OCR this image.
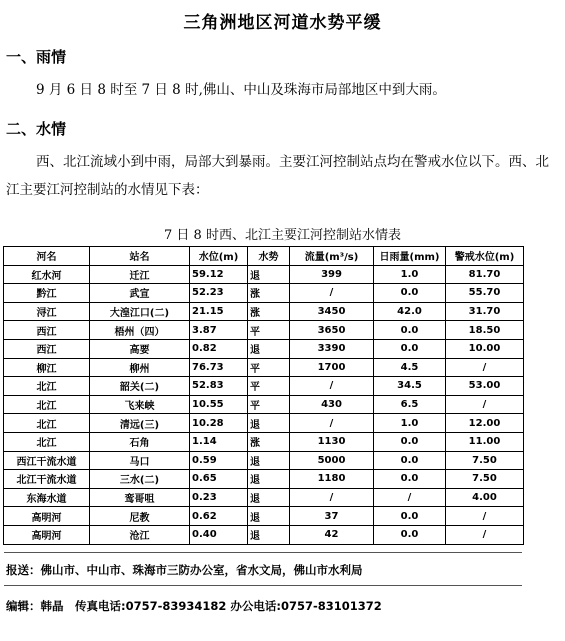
三角洲地区河道水势平缓
一、雨情
9 月 6 日 8 时至 7 日 8 时,佛山、中山及珠海市局部地区中到大雨。
二、水情
西、北江流域小到中雨，局部大到暴雨。主要江河控制站点均在警戒水位以下。西、北江主要江河控制站的水情见下表：
7 日 8 时西、北江主要江河控制站水情表
河名	站名	水位(m)	水势	流量(m³/s)	日雨量(mm)	警戒水位(m)
红水河	迁江	59.12	退	399	1.0	81.70
黔江	武宣	52.23	涨	/	0.0	55.70
浔江	大湟江口(二)	21.15	涨	3450	42.0	31.70
西江	梧州（四）	3.87	平	3650	0.0	18.50
西江	高要	0.82	退	3390	0.0	10.00
柳江	柳州	76.73	平	1700	4.5	/
北江	韶关(二)	52.83	平	/	34.5	53.00
北江	飞来峡	10.55	平	430	6.5	/
北江	清远(三)	10.28	退	/	1.0	12.00
北江	石角	1.14	涨	1130	0.0	11.00
西江干流水道	马口	0.59	退	5000	0.0	7.50
北江干流水道	三水(二)	0.65	退	1180	0.0	7.50
东海水道	鸾哥咀	0.23	退	/	/	4.00
高明河	尼教	0.62	退	37	0.0	/
高明河	沧江	0.40	退	42	0.0	/
报送：佛山市、中山市、珠海市三防办公室，省水文局，佛山市水利局
编辑：韩晶　传真电话:0757-83934182 办公电话:0757-83101372
